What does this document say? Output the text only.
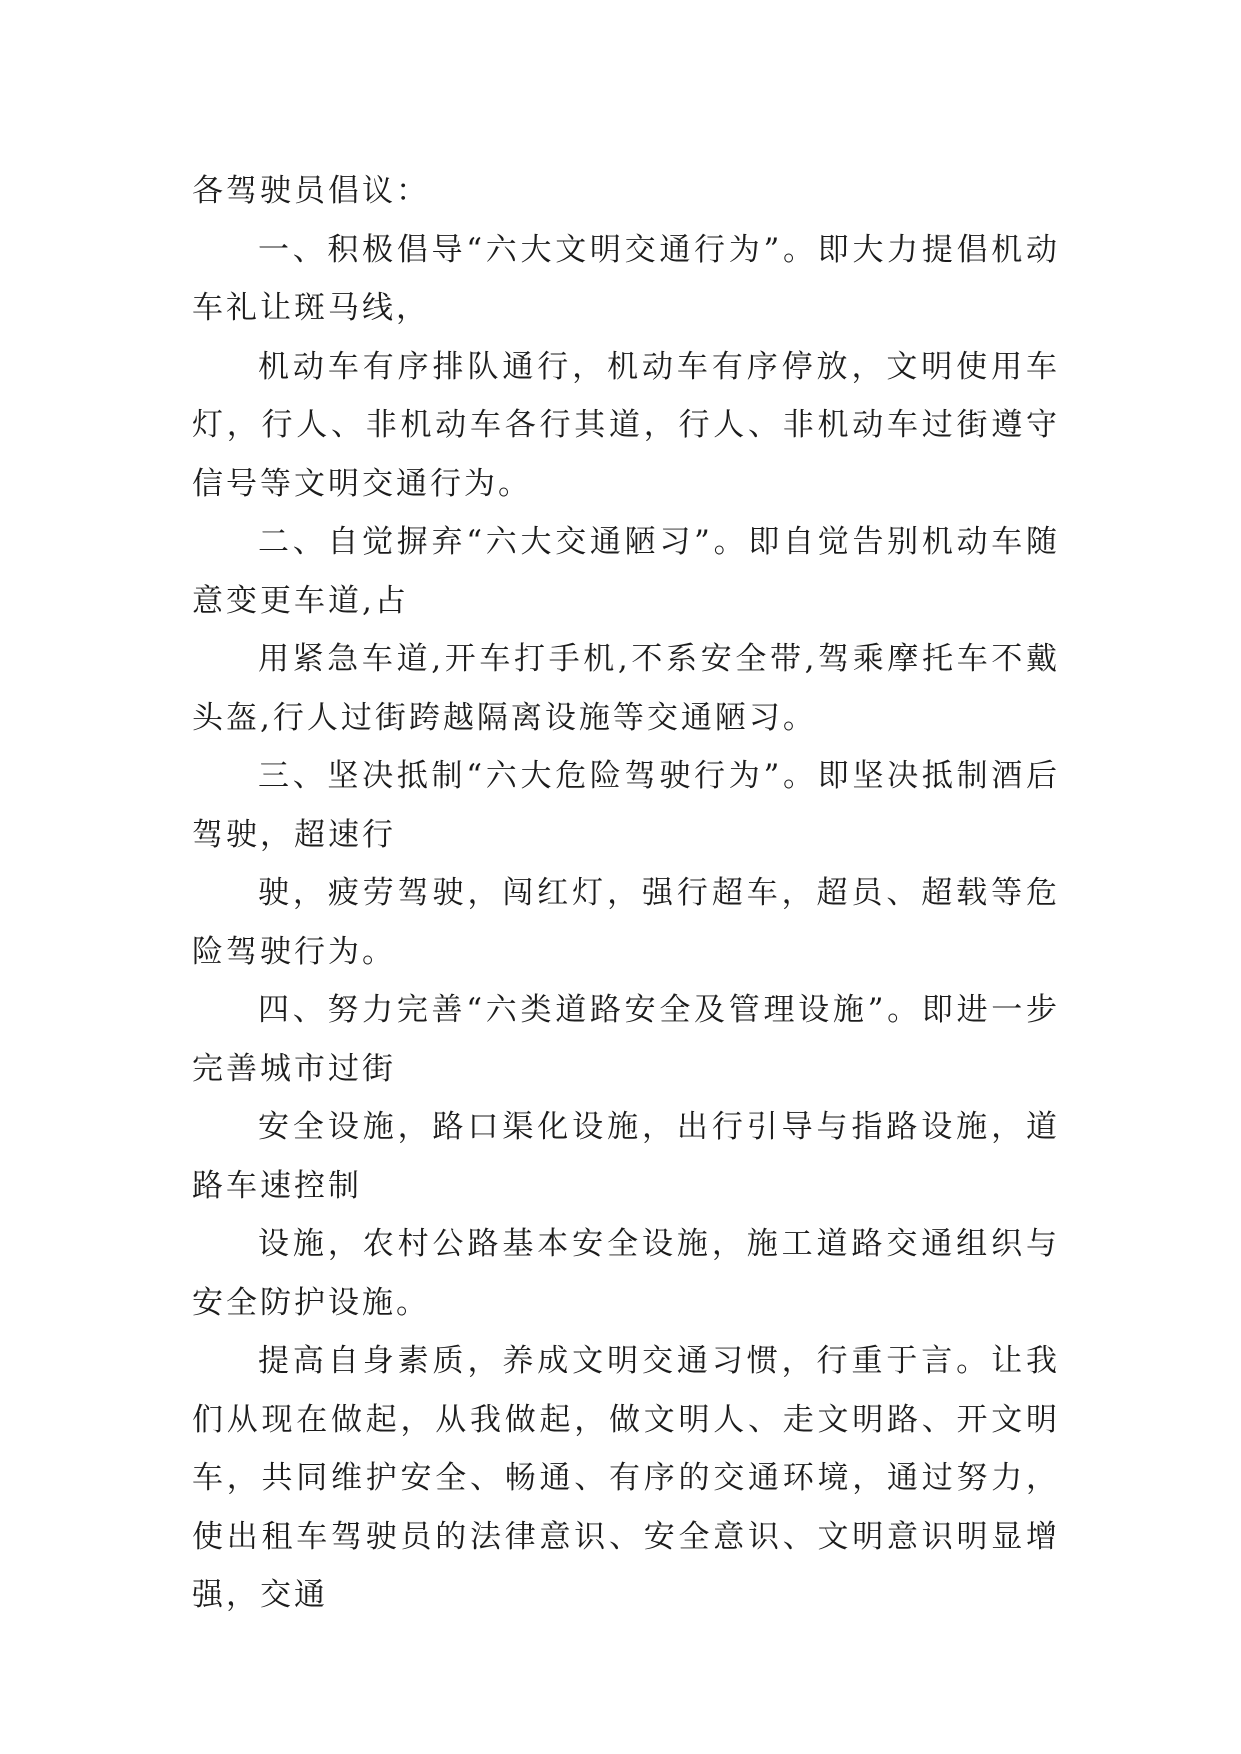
各驾驶员倡议：

一、积极倡导“六大文明交通行为”。即大力提倡机动车礼让斑马线，

机动车有序排队通行，机动车有序停放，文明使用车灯，行人、非机动车各行其道，行人、非机动车过街遵守信号等文明交通行为。

二、自觉摒弃“六大交通陋习”。即自觉告别机动车随意变更车道,占

用紧急车道,开车打手机,不系安全带,驾乘摩托车不戴头盔,行人过街跨越隔离设施等交通陋习。

三、坚决抵制“六大危险驾驶行为”。即坚决抵制酒后驾驶，超速行

驶，疲劳驾驶，闯红灯，强行超车，超员、超载等危险驾驶行为。

四、努力完善“六类道路安全及管理设施”。即进一步完善城市过街

安全设施，路口渠化设施，出行引导与指路设施，道路车速控制

设施，农村公路基本安全设施，施工道路交通组织与安全防护设施。

提高自身素质，养成文明交通习惯，行重于言。让我们从现在做起，从我做起，做文明人、走文明路、开文明车，共同维护安全、畅通、有序的交通环境，通过努力，使出租车驾驶员的法律意识、安全意识、文明意识明显增强，交通
